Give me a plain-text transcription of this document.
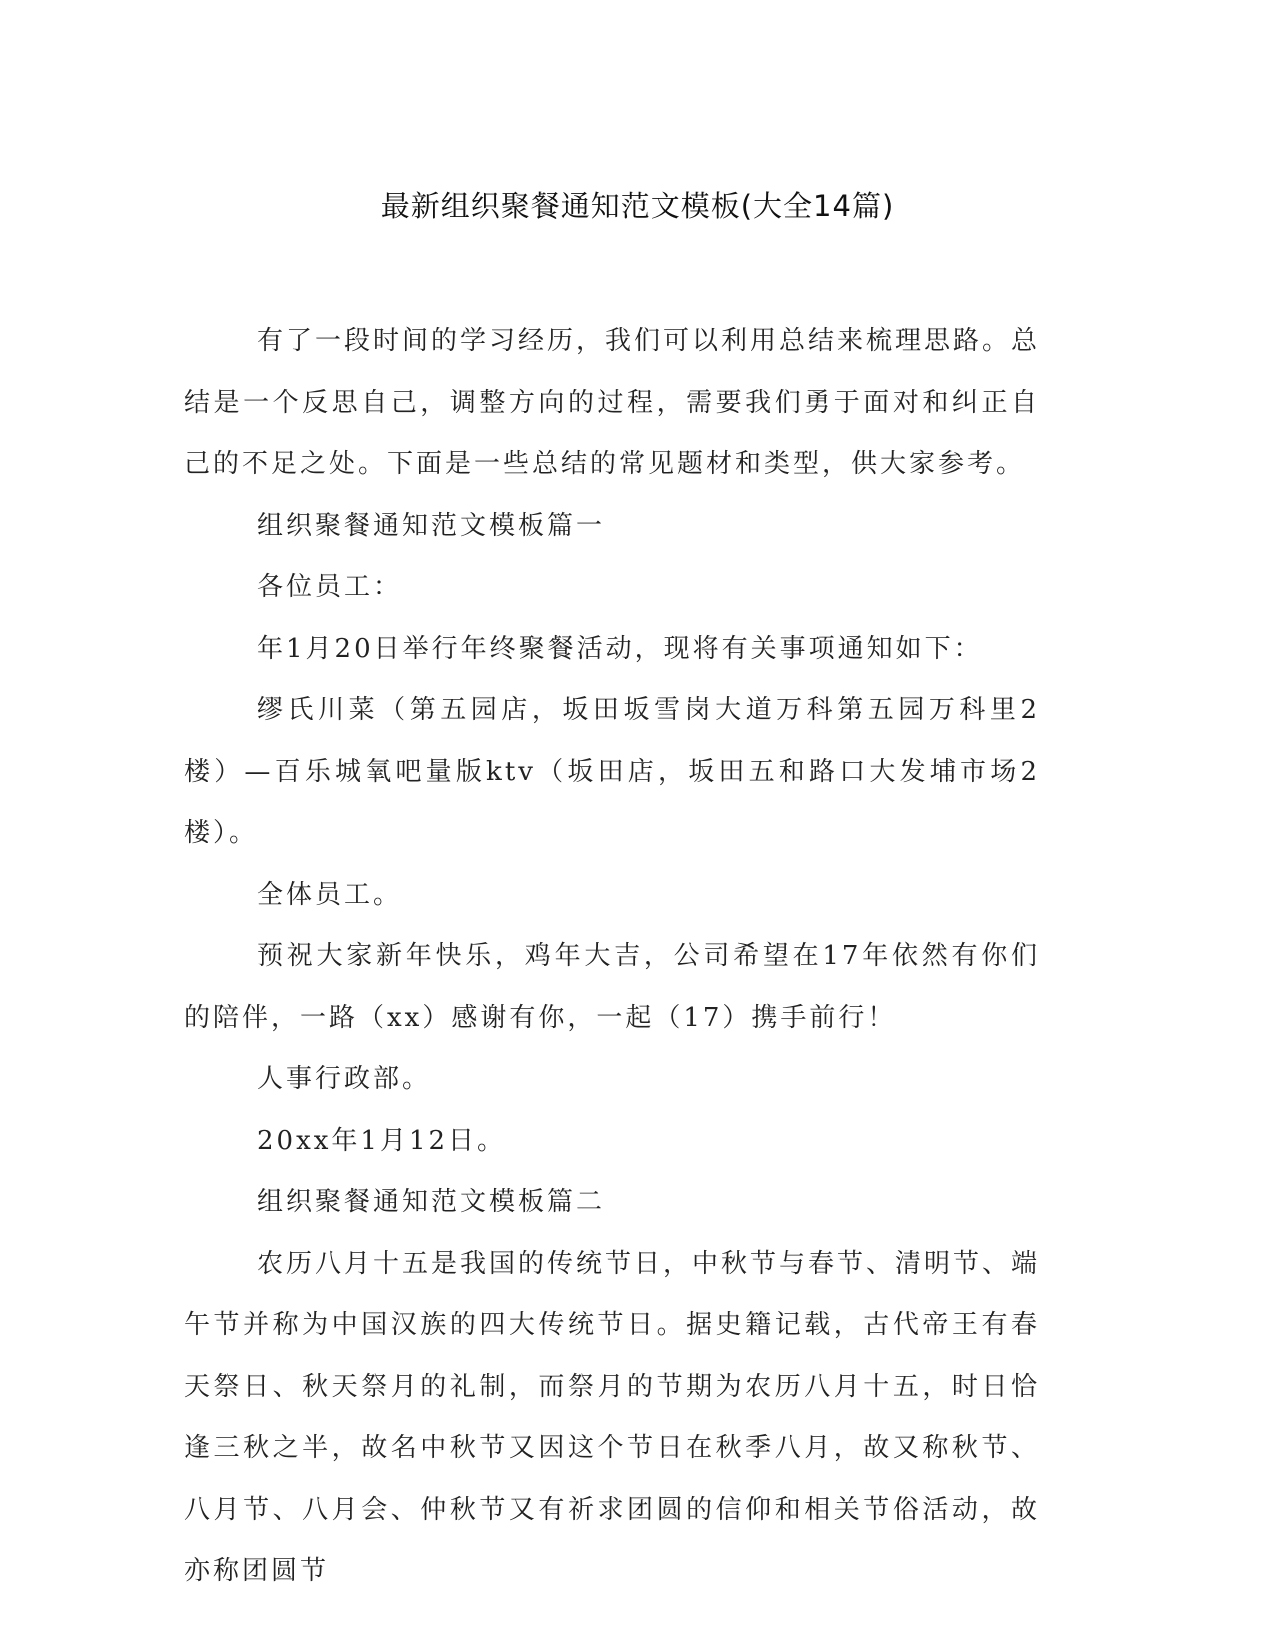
最新组织聚餐通知范文模板(大全14篇)

有了一段时间的学习经历，我们可以利用总结来梳理思路。总结是一个反思自己，调整方向的过程，需要我们勇于面对和纠正自己的不足之处。下面是一些总结的常见题材和类型，供大家参考。

组织聚餐通知范文模板篇一

各位员工：

年1月20日举行年终聚餐活动，现将有关事项通知如下：

缪氏川菜（第五园店，坂田坂雪岗大道万科第五园万科里2楼）—百乐城氧吧量版ktv（坂田店，坂田五和路口大发埔市场2楼）。

全体员工。

预祝大家新年快乐，鸡年大吉，公司希望在17年依然有你们的陪伴，一路（xx）感谢有你，一起（17）携手前行！

人事行政部。

20xx年1月12日。

组织聚餐通知范文模板篇二

农历八月十五是我国的传统节日，中秋节与春节、清明节、端午节并称为中国汉族的四大传统节日。据史籍记载，古代帝王有春天祭日、秋天祭月的礼制，而祭月的节期为农历八月十五，时日恰逢三秋之半，故名中秋节又因这个节日在秋季八月，故又称秋节、八月节、八月会、仲秋节又有祈求团圆的信仰和相关节俗活动，故亦称团圆节
